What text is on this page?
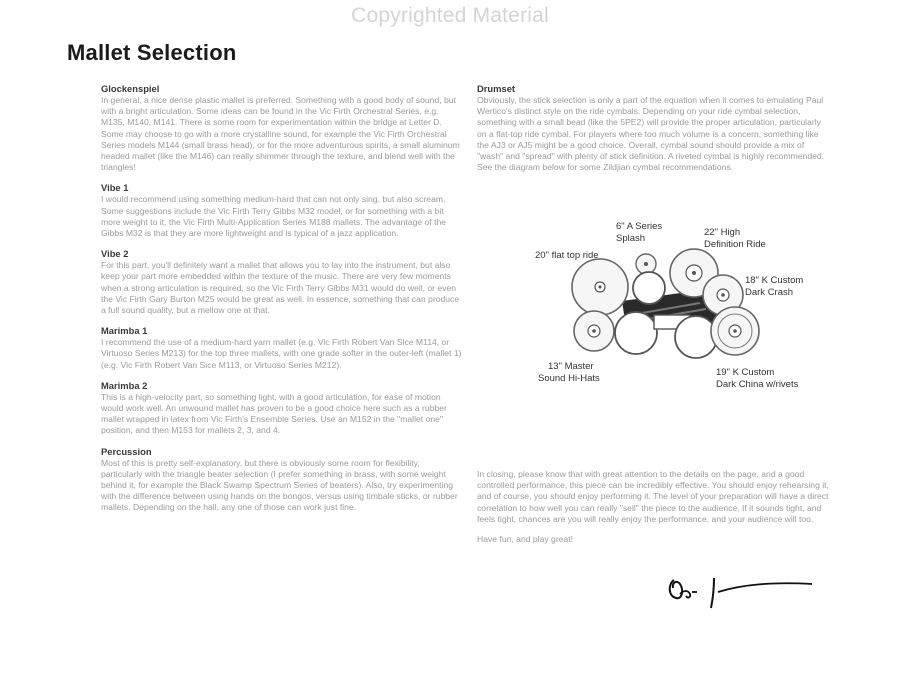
Copyrighted Material
Mallet Selection
Glockenspiel

In general, a nice dense plastic mallet is preferred. Something with a good body of sound, but with a bright articulation. Some ideas can be found in the Vic Firth Orchestral Series, e.g. M135, M140, M141. There is some room for experimentation within the bridge at Letter D. Some may choose to go with a more crystalline sound, for example the Vic Firth Orchestral Series models M144 (small brass head), or for the more adventurous spirits, a small aluminum headed mallet (like the M146) can really shimmer through the texture, and blend well with the triangles!

Vibe 1

I would recommend using something medium-hard that can not only sing, but also scream. Some suggestions include the Vic Firth Terry Gibbs M32 model, or for something with a bit more weight to it, the Vic Firth Multi-Application Series M188 mallets. The advantage of the Gibbs M32 is that they are more lightweight and is typical of a jazz application.

Vibe 2

For this part, you'll definitely want a mallet that allows you to lay into the instrument, but also keep your part more embedded within the texture of the music. There are very few moments when a strong articulation is required, so the Vic Firth Terry Gibbs M31 would do well, or even the Vic Firth Gary Burton M25 would be great as well. In essence, something that can produce a full sound quality, but a mellow one at that.

Marimba 1

I recommend the use of a medium-hard yarn mallet (e.g. Vic Firth Robert Van Sice M114, or Virtuoso Series M213) for the top three mallets, with one grade softer in the outer-left (mallet 1) (e.g. Vic Firth Robert Van Sice M113, or Virtuoso Series M212).

Marimba 2

This is a high-velocity part, so something light, with a good articulation, for ease of motion would work well. An unwound mallet has proven to be a good choice here such as a rubber mallet wrapped in latex from Vic Firth's Ensemble Series. Use an M152 in the "mallet one" position, and then M153 for mallets 2, 3, and 4.

Percussion

Most of this is pretty self-explanatory, but there is obviously some room for flexibility, particularly with the triangle beater selection (I prefer something in brass, with some weight behind it, for example the Black Swamp Spectrum Series of beaters). Also, try experimenting with the difference between using hands on the bongos, versus using timbale sticks, or rubber mallets. Depending on the hall, any one of those can work just fine.

Drumset

Obviously, the stick selection is only a part of the equation when it comes to emulating Paul Wertico's distinct style on the ride cymbals. Depending on your ride cymbal selection, something with a small bead (like the 5PE2) will provide the proper articulation, particularly on a flat-top ride cymbal. For players where too much volume is a concern, something like the AJ3 or AJ5 might be a good choice. Overall, cymbal sound should provide a mix of "wash" and "spread" with plenty of stick definition. A riveted cymbal is highly recommended. See the diagram below for some Zildjian cymbal recommendations.

6" A Series
Splash
22" High
Definition Ride
20" flat top ride
18" K Custom
Dark Crash
13" Master
Sound Hi-Hats
19" K Custom
Dark China w/rivets

In closing, please know that with great attention to the details on the page, and a good controlled performance, this piece can be incredibly effective. You should enjoy rehearsing it, and of course, you should enjoy performing it. The level of your preparation will have a direct correlation to how well you can really "sell" the piece to the audience. If it sounds tight, and feels tight, chances are you will really enjoy the performance, and your audience will too.

Have fun, and play great!
